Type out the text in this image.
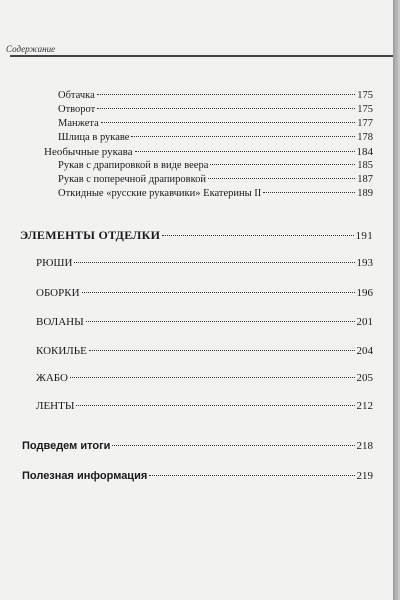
Содержание
Обтачка	175
Отворот	175
Манжета	177
Шлица в рукаве	178
Необычные рукава	184
Рукав с драпировкой в виде веера	185
Рукав с поперечной драпировкой	187
Откидные «русские рукавчики» Екатерины II	189
ЭЛЕМЕНТЫ ОТДЕЛКИ	191
РЮШИ	193
ОБОРКИ	196
ВОЛАНЫ	201
КОКИЛЬЕ	204
ЖАБО	205
ЛЕНТЫ	212
Подведем итоги	218
Полезная информация	219
